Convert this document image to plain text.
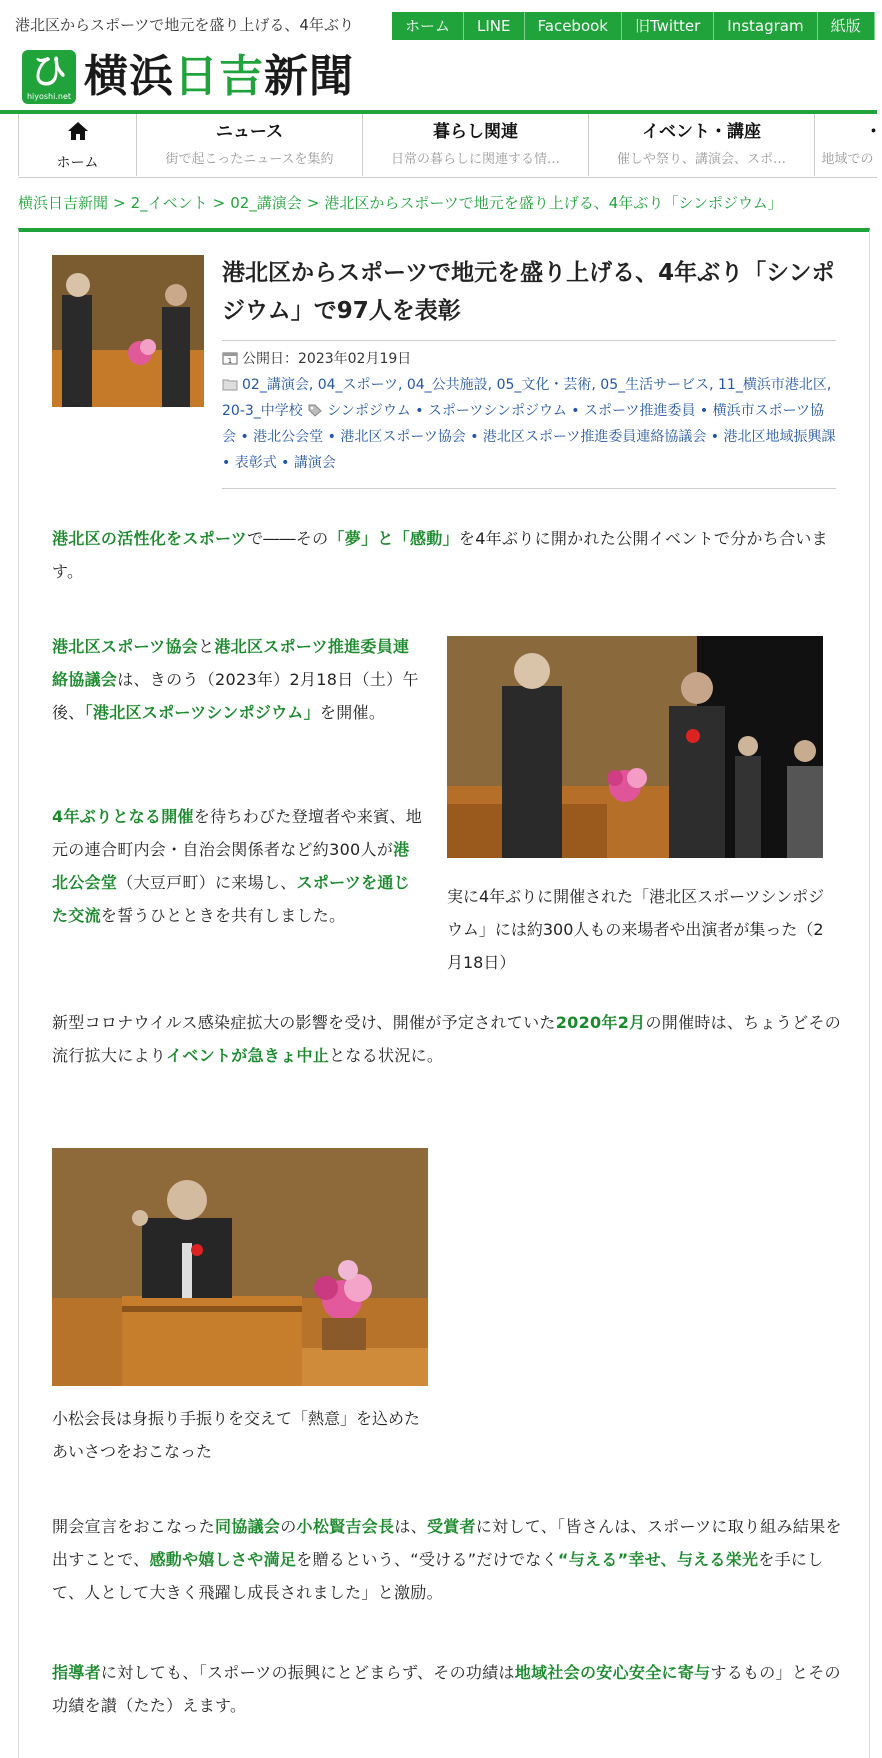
港北区からスポーツで地元を盛り上げる、4年ぶり	ホーム	LINE	Facebook	旧Twitter	Instagram	紙版
ひ
hiyoshi.net 横浜日吉新聞
ホーム
ニュース
街で起こったニュースを集約
暮らし関連
日常の暮らしに関連する情…
イベント・講座
催しや祭り、講演会、スポ…
・
地域での
横浜日吉新聞 > 2_イベント > 02_講演会 > 港北区からスポーツで地元を盛り上げる、4年ぶり「シンポジウム」
港北区からスポーツで地元を盛り上げる、4年ぶり「シンポジウム」で97人を表彰
1 公開日：2023年02月19日
02_講演会, 04_スポーツ, 04_公共施設, 05_文化・芸術, 05_生活サービス, 11_横浜市港北区, 20-3_中学校 シンポジウム • スポーツシンポジウム • スポーツ推進委員 • 横浜市スポーツ協会 • 港北公会堂 • 港北区スポーツ協会 • 港北区スポーツ推進委員連絡協議会 • 港北区地域振興課 • 表彰式 • 講演会

港北区の活性化をスポーツで――その「夢」と「感動」を4年ぶりに開かれた公開イベントで分かち合います。

港北区スポーツ協会と港北区スポーツ推進委員連絡協議会は、きのう（2023年）2月18日（土）午後、「港北区スポーツシンポジウム」を開催。

4年ぶりとなる開催を待ちわびた登壇者や来賓、地元の連合町内会・自治会関係者など約300人が港北公会堂（大豆戸町）に来場し、スポーツを通じた交流を誓うひとときを共有しました。

実に4年ぶりに開催された「港北区スポーツシンポジウム」には約300人もの来場者や出演者が集った（2月18日）

新型コロナウイルス感染症拡大の影響を受け、開催が予定されていた2020年2月の開催時は、ちょうどその流行拡大によりイベントが急きょ中止となる状況に。

小松会長は身振り手振りを交えて「熱意」を込めたあいさつをおこなった

開会宣言をおこなった同協議会の小松賢吉会長は、受賞者に対して、「皆さんは、スポーツに取り組み結果を出すことで、感動や嬉しさや満足を贈るという、“受ける”だけでなく“与える”幸せ、与える栄光を手にして、人として大きく飛躍し成長されました」と激励。

指導者に対しても、「スポーツの振興にとどまらず、その功績は地域社会の安心安全に寄与するもの」とその功績を讃（たた）えます。
